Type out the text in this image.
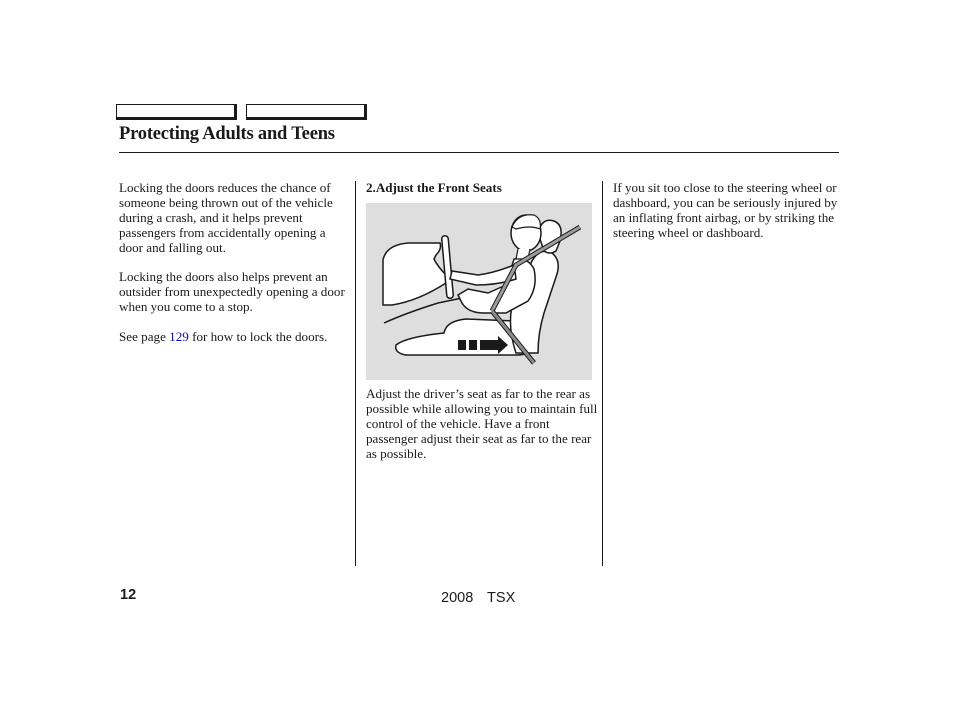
Protecting Adults and Teens

Locking the doors reduces the chance of someone being thrown out of the vehicle during a crash, and it helps prevent passengers from accidentally opening a door and falling out.

Locking the doors also helps prevent an outsider from unexpectedly opening a door when you come to a stop.

See page 129 for how to lock the doors.

2.Adjust the Front Seats

Adjust the driver’s seat as far to the rear as possible while allowing you to maintain full control of the vehicle. Have a front passenger adjust their seat as far to the rear as possible.

If you sit too close to the steering wheel or dashboard, you can be seriously injured by an inflating front airbag, or by striking the steering wheel or dashboard.

12	2008  TSX
